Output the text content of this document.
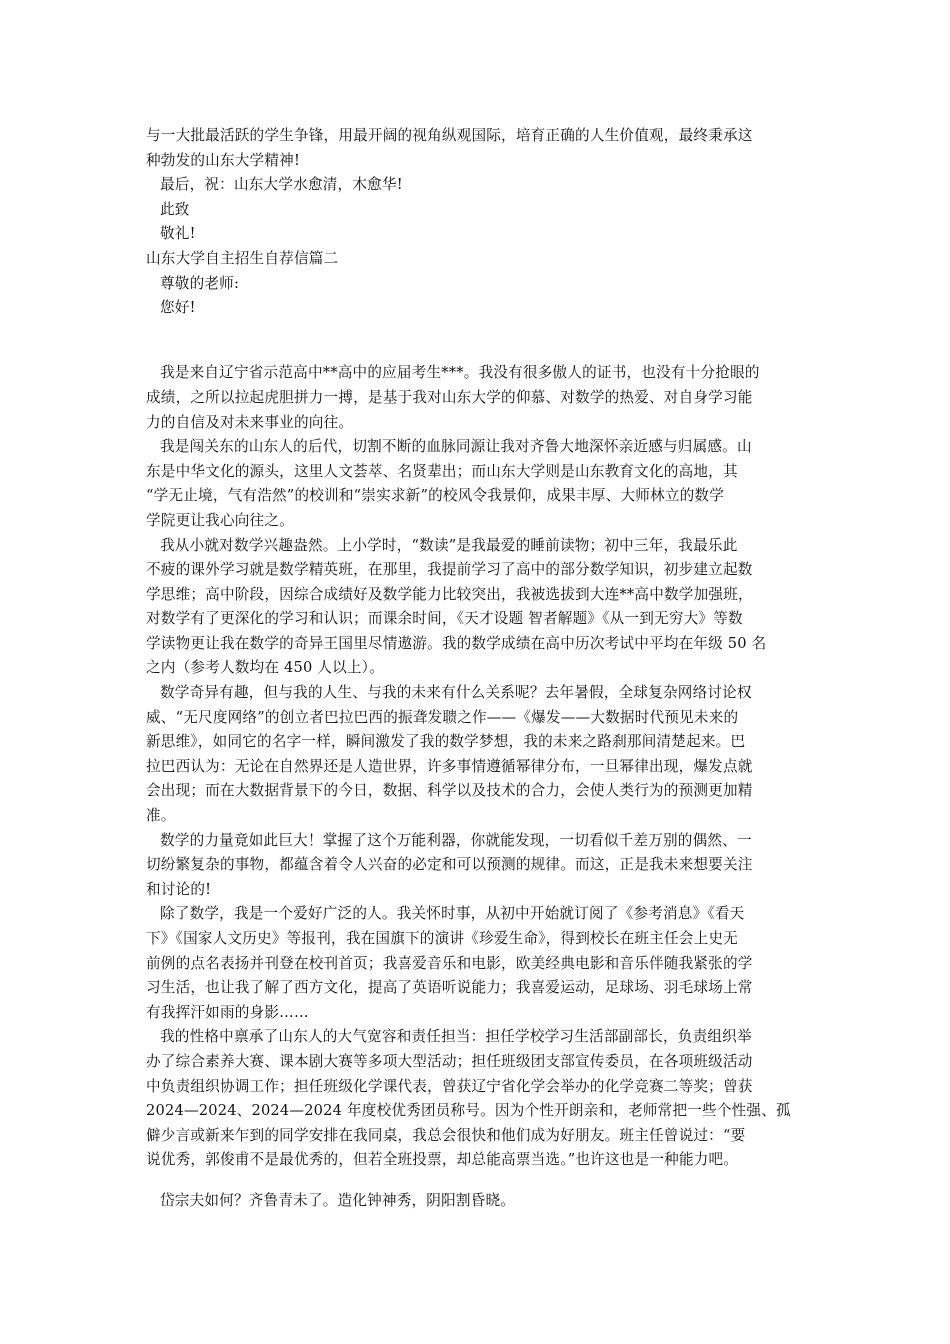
与一大批最活跃的学生争锋，用最开阔的视角纵观国际，培育正确的人生价值观，最终秉承这
种勃发的山东大学精神!
最后，祝：山东大学水愈清，木愈华!
此致
敬礼!
山东大学自主招生自荐信篇二
尊敬的老师:
您好!
我是来自辽宁省示范高中**高中的应届考生***。我没有很多傲人的证书，也没有十分抢眼的
成绩，之所以拉起虎胆拼力一搏，是基于我对山东大学的仰慕、对数学的热爱、对自身学习能
力的自信及对未来事业的向往。
我是闯关东的山东人的后代，切割不断的血脉同源让我对齐鲁大地深怀亲近感与归属感。山
东是中华文化的源头，这里人文荟萃、名贤辈出；而山东大学则是山东教育文化的高地，其
“学无止境，气有浩然”的校训和“崇实求新”的校风令我景仰，成果丰厚、大师林立的数学
学院更让我心向往之。
我从小就对数学兴趣盎然。上小学时，“数读”是我最爱的睡前读物；初中三年，我最乐此
不疲的课外学习就是数学精英班，在那里，我提前学习了高中的部分数学知识，初步建立起数
学思维；高中阶段，因综合成绩好及数学能力比较突出，我被选拔到大连**高中数学加强班，
对数学有了更深化的学习和认识；而课余时间，《天才设题 智者解题》《从一到无穷大》等数
学读物更让我在数学的奇异王国里尽情遨游。我的数学成绩在高中历次考试中平均在年级 50 名
之内（参考人数均在 450 人以上）。
数学奇异有趣，但与我的人生、与我的未来有什么关系呢？去年暑假，全球复杂网络讨论权
威、“无尺度网络”的创立者巴拉巴西的振聋发聩之作——《爆发——大数据时代预见未来的
新思维》，如同它的名字一样，瞬间激发了我的数学梦想，我的未来之路刹那间清楚起来。巴
拉巴西认为：无论在自然界还是人造世界，许多事情遵循幂律分布，一旦幂律出现，爆发点就
会出现；而在大数据背景下的今日，数据、科学以及技术的合力，会使人类行为的预测更加精
准。
数学的力量竟如此巨大！掌握了这个万能利器，你就能发现，一切看似千差万别的偶然、一
切纷繁复杂的事物，都蕴含着令人兴奋的必定和可以预测的规律。而这，正是我未来想要关注
和讨论的!
除了数学，我是一个爱好广泛的人。我关怀时事，从初中开始就订阅了《参考消息》《看天
下》《国家人文历史》等报刊，我在国旗下的演讲《珍爱生命》，得到校长在班主任会上史无
前例的点名表扬并刊登在校刊首页；我喜爱音乐和电影，欧美经典电影和音乐伴随我紧张的学
习生活，也让我了解了西方文化，提高了英语听说能力；我喜爱运动，足球场、羽毛球场上常
有我挥汗如雨的身影……
我的性格中禀承了山东人的大气宽容和责任担当：担任学校学习生活部副部长，负责组织举
办了综合素养大赛、课本剧大赛等多项大型活动；担任班级团支部宣传委员，在各项班级活动
中负责组织协调工作；担任班级化学课代表，曾获辽宁省化学会举办的化学竞赛二等奖；曾获
2024—2024、2024—2024 年度校优秀团员称号。因为个性开朗亲和，老师常把一些个性强、孤
僻少言或新来乍到的同学安排在我同桌，我总会很快和他们成为好朋友。班主任曾说过：“要
说优秀，郭俊甫不是最优秀的，但若全班投票，却总能高票当选。”也许这也是一种能力吧。
岱宗夫如何？齐鲁青未了。造化钟神秀，阴阳割昏晓。
